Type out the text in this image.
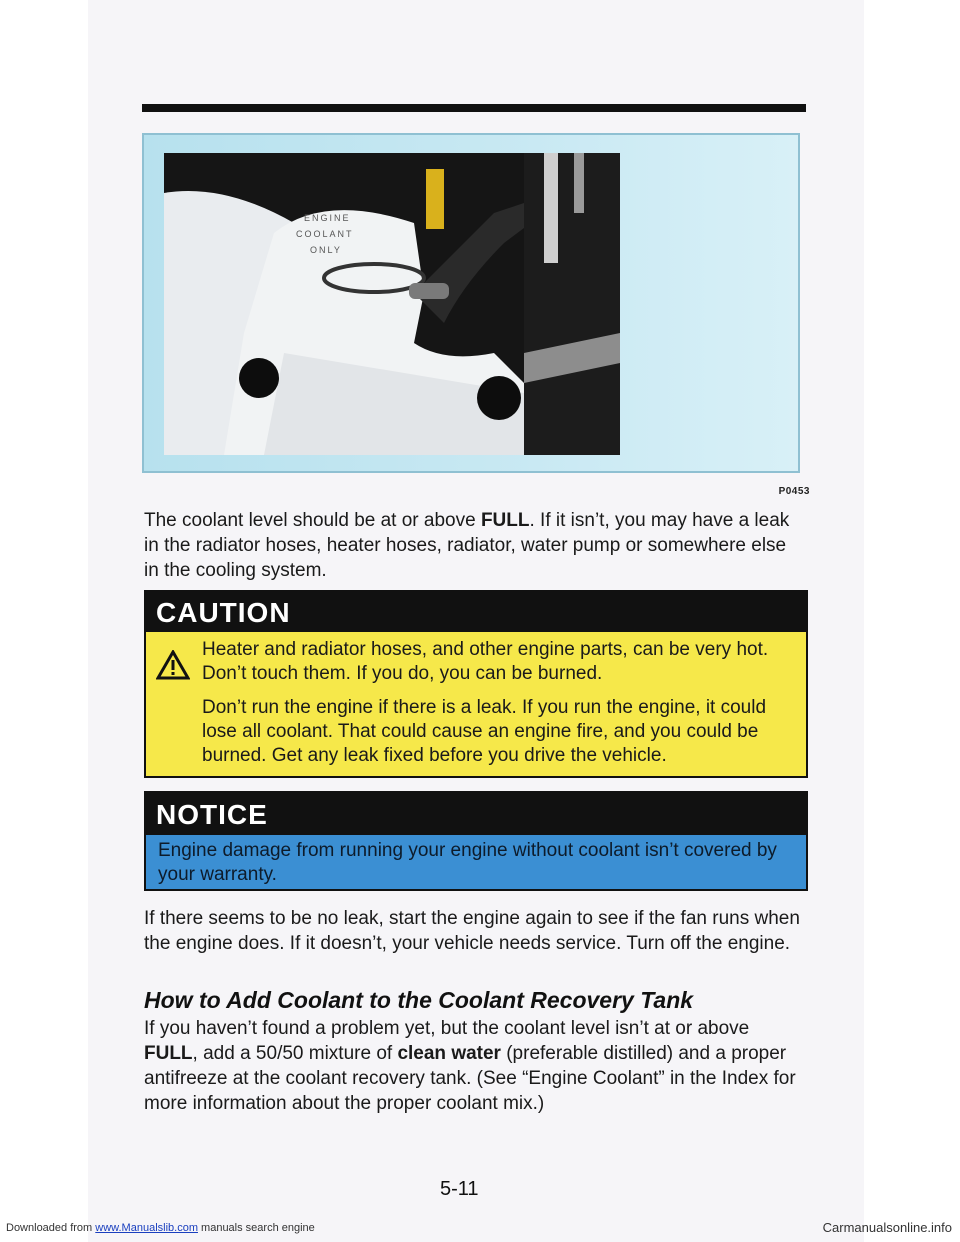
ENGINE
COOLANT
ONLY
P0453

The coolant level should be at or above FULL. If it isn’t, you may have a leak in the radiator hoses, heater hoses, radiator, water pump or somewhere else in the cooling system.

CAUTION

Heater and radiator hoses, and other engine parts, can be very hot. Don’t touch them. If you do, you can be burned.

Don’t run the engine if there is a leak. If you run the engine, it could lose all coolant. That could cause an engine fire, and you could be burned. Get any leak fixed before you drive the vehicle.

NOTICE
Engine damage from running your engine without coolant isn’t covered by your warranty.

If there seems to be no leak, start the engine again to see if the fan runs when the engine does. If it doesn’t, your vehicle needs service. Turn off the engine.

How to Add Coolant to the Coolant Recovery Tank

If you haven’t found a problem yet, but the coolant level isn’t at or above FULL, add a 50/50 mixture of clean water (preferable distilled) and a proper antifreeze at the coolant recovery tank. (See “Engine Coolant” in the Index for more information about the proper coolant mix.)

5-11
Downloaded from www.Manualslib.com manuals search engine	Carmanualsonline.info
